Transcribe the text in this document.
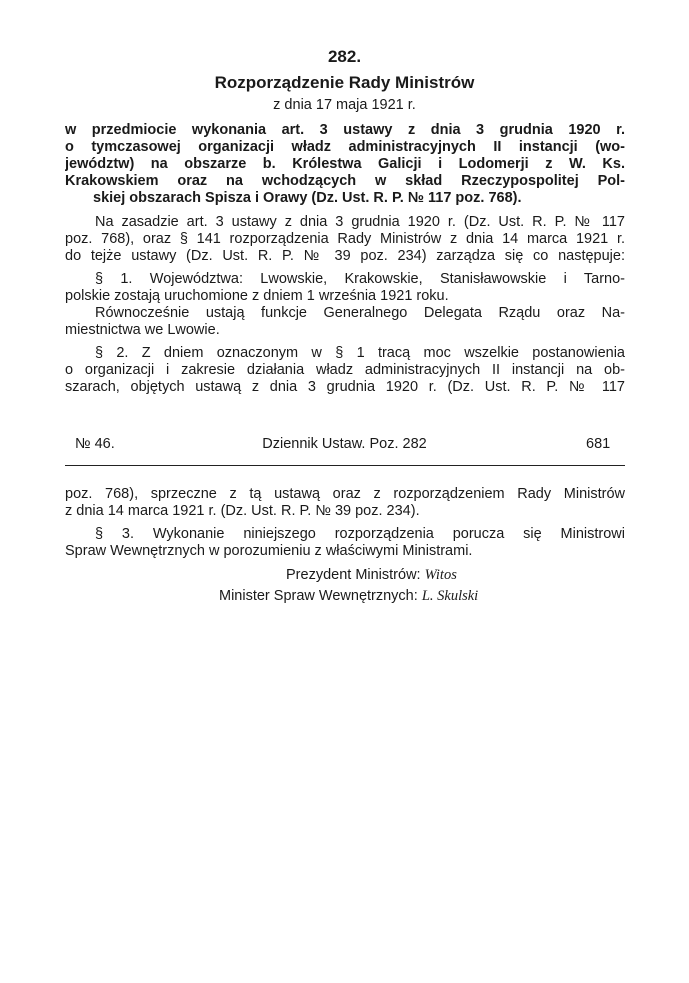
282.
Rozporządzenie Rady Ministrów
z dnia 17 maja 1921 r.
w przedmiocie wykonania art. 3 ustawy z dnia 3 grudnia 1920 r.
o tymczasowej organizacji władz administracyjnych II instancji (wo-
jewództw) na obszarze b. Królestwa Galicji i Lodomerji z W. Ks.
Krakowskiem oraz na wchodzących w skład Rzeczypospolitej Pol-
skiej obszarach Spisza i Orawy (Dz. Ust. R. P. № 117 poz. 768).
Na zasadzie art. 3 ustawy z dnia 3 grudnia 1920 r. (Dz. Ust. R. P. № 117
poz. 768), oraz § 141 rozporządzenia Rady Ministrów z dnia 14 marca 1921 r.
do tejże ustawy (Dz. Ust. R. P. № 39 poz. 234) zarządza się co następuje:
§ 1. Województwa: Lwowskie, Krakowskie, Stanisławowskie i Tarno-
polskie zostają uruchomione z dniem 1 września 1921 roku.
Równocześnie ustają funkcje Generalnego Delegata Rządu oraz Na-
miestnictwa we Lwowie.
§ 2. Z dniem oznaczonym w § 1 tracą moc wszelkie postanowienia
o organizacji i zakresie działania władz administracyjnych II instancji na ob-
szarach, objętych ustawą z dnia 3 grudnia 1920 r. (Dz. Ust. R. P. № 117
№ 46.	Dziennik Ustaw. Poz. 282	681
poz. 768), sprzeczne z tą ustawą oraz z rozporządzeniem Rady Ministrów
z dnia 14 marca 1921 r. (Dz. Ust. R. P. № 39 poz. 234).
§ 3. Wykonanie niniejszego rozporządzenia porucza się Ministrowi
Spraw Wewnętrznych w porozumieniu z właściwymi Ministrami.
Prezydent Ministrów: Witos
Minister Spraw Wewnętrznych: L. Skulski
